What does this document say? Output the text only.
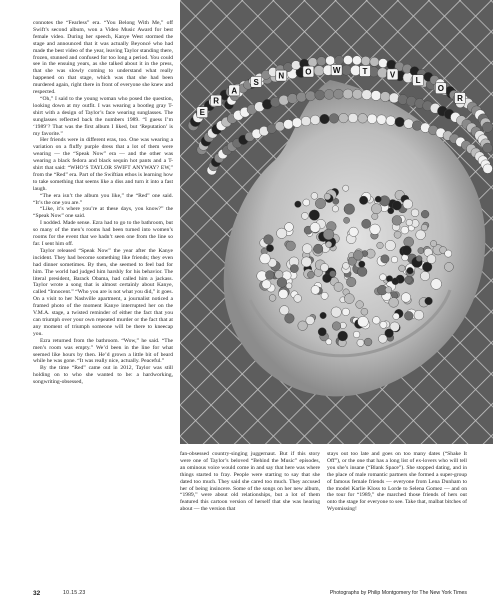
connotes the “Fearless” era. “You Belong With Me,” off Swift’s second album, won a Video Music Award for best female video. During her speech, Kanye West stormed the stage and announced that it was actually Beyoncé who had made the best video of the year, leaving Taylor standing there, frozen, stunned and confused for too long a period. You could see in the ensuing years, as she talked about it in the press, that she was slowly coming to understand what really happened on that stage, which was that she had been murdered again, right there in front of everyone she knew and respected.

“Oh,” I said to the young woman who posed the question, looking down at my outfit. I was wearing a bootleg gray T-shirt with a design of Taylor’s face wearing sunglasses. The sunglasses reflected back the numbers 1989. “I guess I’m ‘1989’? That was the first album I liked, but ‘Reputation’ is my favorite.”

Her friends were in different eras, too. One was wearing a variation on a fluffy purple dress that a lot of them were wearing — the “Speak Now” era — and the other was wearing a black fedora and black sequin hot pants and a T-shirt that said: “WHO’S TAYLOR SWIFT ANYWAY? EW,” from the “Red” era. Part of the Swiftian ethos is learning how to take something that seems like a diss and turn it into a fast laugh.

“The era isn’t the album you like,” the “Red” one said. “It’s the one you are.”

“Like, it’s where you’re at these days, you know?” the “Speak Now” one said.

I nodded. Made sense. Ezra had to go to the bathroom, but so many of the men’s rooms had been turned into women’s rooms for the event that we hadn’t seen one from the line so far. I sent him off.

Taylor released “Speak Now” the year after the Kanye incident. They had become something like friends; they even had dinner sometimes. By then, she seemed to feel bad for him. The world had judged him harshly for his behavior. The literal president, Barack Obama, had called him a jackass. Taylor wrote a song that is almost certainly about Kanye, called “Innocent.” “Who you are is not what you did,” it goes. On a visit to her Nashville apartment, a journalist noticed a framed photo of the moment Kanye interrupted her on the V.M.A. stage, a twisted reminder of either the fact that you can triumph over your own repeated murder or the fact that at any moment of triumph someone will be there to kneecap you.

Ezra returned from the bathroom. “Wow,” he said. “The men’s room was empty.” We’d been in the line for what seemed like hours by then. He’d grown a little bit of beard while he was gone. “It was really nice, actually. Peaceful.”

By the time “Red” came out in 2012, Taylor was still holding on to who she wanted to be: a hardworking, songwriting-obsessed,

E
R
A
S
N	O	W	T	V
L
O
R

fan-obsessed country-singing juggernaut. But if this story were one of Taylor’s beloved “Behind the Music” episodes, an ominous voice would come in and say that here was where things started to fray. People were starting to say that she dated too much. They said she cared too much. They accused her of being insincere. Some of the songs on her new album, “1989,” were about old relationships, but a lot of them featured this cartoon version of herself that she was hearing about — the version that

stays out too late and goes on too many dates (“Shake It Off”), or the one that has a long list of ex-lovers who will tell you she’s insane (“Blank Space”). She stopped dating, and in the place of male romantic partners she formed a super-group of famous female friends — everyone from Lena Dunham to the model Karlie Kloss to Lorde to Selena Gomez — and on the tour for “1989,” she marched those friends of hers out onto the stage for everyone to see. Take that, malbat bitches of Wyomissing!

32	10.15.23	Photographs by Philip Montgomery for The New York Times
